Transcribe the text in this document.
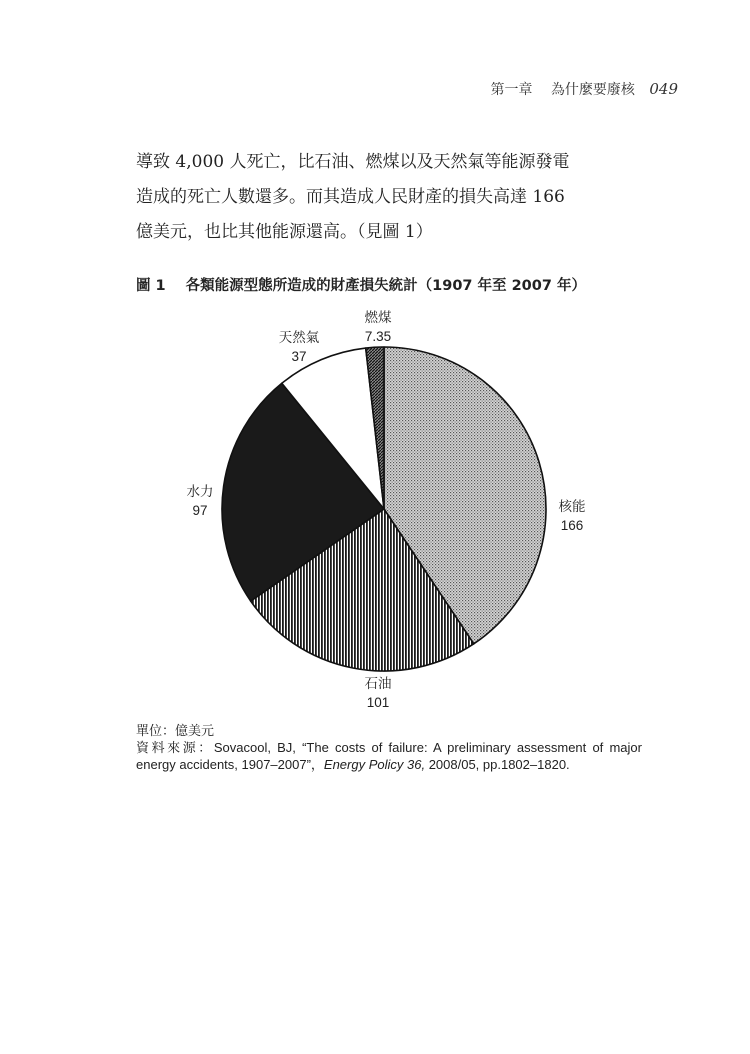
第一章 為什麼要廢核 049
導致 4,000 人死亡，比石油、燃煤以及天然氣等能源發電
造成的死亡人數還多。而其造成人民財產的損失高達 166
億美元，也比其他能源還高。（見圖 1）
圖 1 各類能源型態所造成的財產損失統計（1907 年至 2007 年）
核能
166
石油
101
水力
97
天然氣
37
燃煤
7.35
單位：億美元
資料來源：Sovacool, BJ, “The costs of failure: A preliminary assessment of major energy accidents, 1907–2007”，Energy Policy 36, 2008/05, pp.1802–1820.
